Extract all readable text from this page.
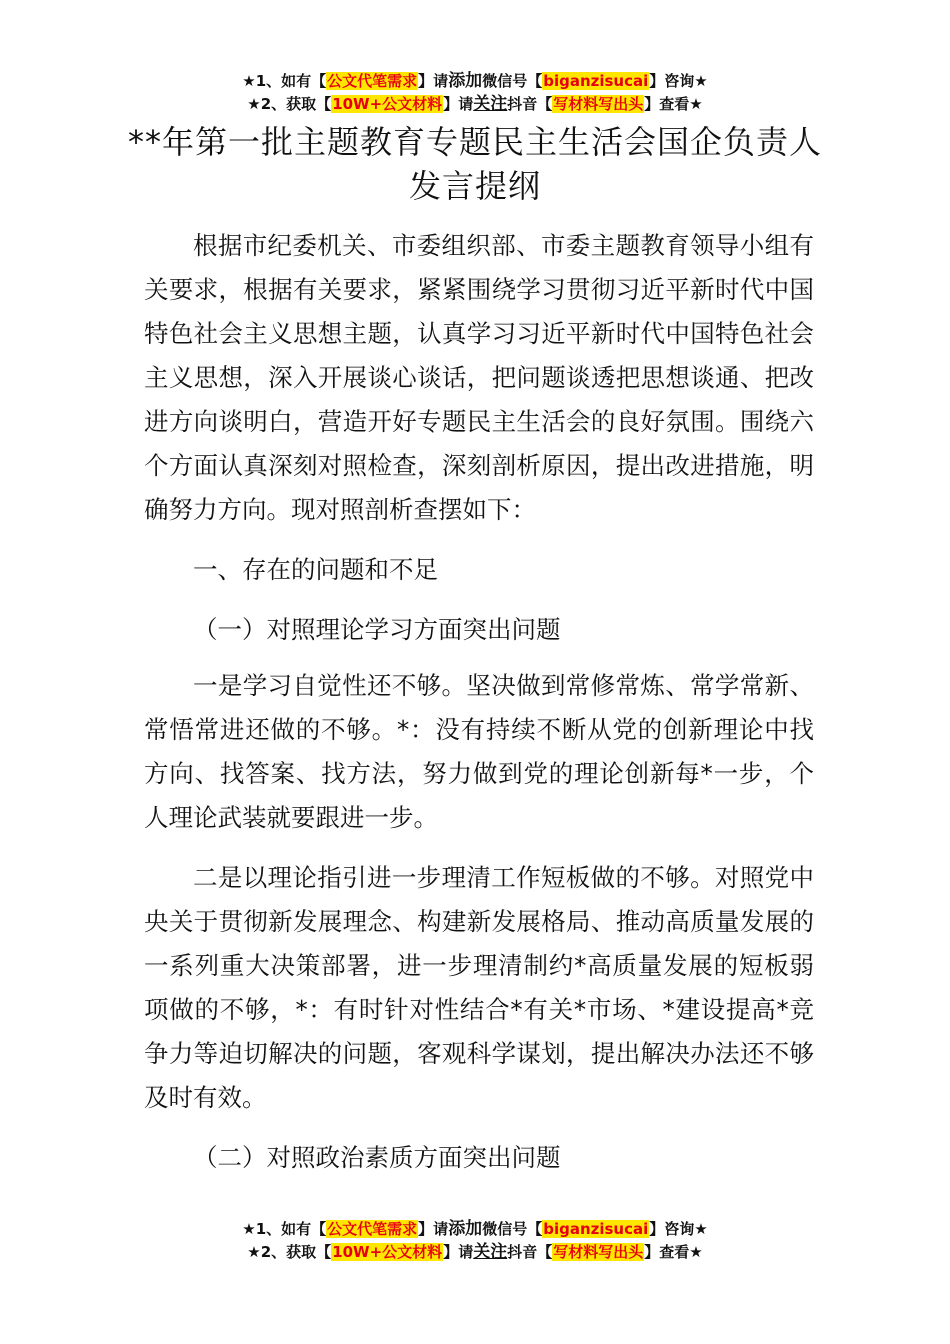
★1、如有【公文代笔需求】请添加微信号【biganzisucai】咨询★
★2、获取【10W+公文材料】请关注抖音【写材料写出头】查看★
**年第一批主题教育专题民主生活会国企负责人发言提纲

根据市纪委机关、市委组织部、市委主题教育领导小组有关要求，根据有关要求，紧紧围绕学习贯彻习近平新时代中国特色社会主义思想主题，认真学习习近平新时代中国特色社会主义思想，深入开展谈心谈话，把问题谈透把思想谈通、把改进方向谈明白，营造开好专题民主生活会的良好氛围。围绕六个方面认真深刻对照检查，深刻剖析原因，提出改进措施，明确努力方向。现对照剖析查摆如下：

一、存在的问题和不足

（一）对照理论学习方面突出问题

一是学习自觉性还不够。坚决做到常修常炼、常学常新、常悟常进还做的不够。*：没有持续不断从党的创新理论中找方向、找答案、找方法，努力做到党的理论创新每*一步，个人理论武装就要跟进一步。

二是以理论指引进一步理清工作短板做的不够。对照党中央关于贯彻新发展理念、构建新发展格局、推动高质量发展的一系列重大决策部署，进一步理清制约*高质量发展的短板弱项做的不够，*：有时针对性结合*有关*市场、*建设提高*竞争力等迫切解决的问题，客观科学谋划，提出解决办法还不够及时有效。

（二）对照政治素质方面突出问题

★1、如有【公文代笔需求】请添加微信号【biganzisucai】咨询★
★2、获取【10W+公文材料】请关注抖音【写材料写出头】查看★
